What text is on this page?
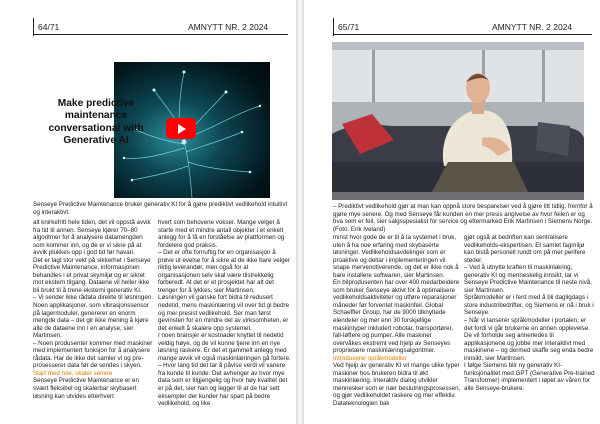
64/71	AMNYTT NR. 2 2024
Make predictive maintenance conversational with Generative AI
Senseye Predictive Maintenance bruker generativ KI for å gjøre prediktivt vedlikehold intuitivt og interaktivt.

alt knirkefritt hele tiden, det vil oppstå avvik fra tid til annen. Senseye kjører 70–80 algoritmer for å analysere datamengden som kommer inn, og de er vi sikre på at avvik plukkes opp i god tid før havari.

Det er lagt stor vekt på sikkerhet i Senseye Predictive Maintenance, informasjonen behandles i et privat skymiljø og er sikret mot ekstern tilgang. Dataene vil heller ikke bli brukt til å trene eksterni generativ KI.

– Vi sender ikke rådata direkte til løsningen. Noen applikasjoner, som vibrasjonssensor på lagermoduler, genererer en enorm mengde data – det gir ikke mening å kjøre alle de dataene inn i en analyse, sier Martinsen.

– Noen produsenter kommer med maskiner med implementert funksjon for å analysere rådata. Har de ikke det samler vi og pre-prosesserer data før de sendes i skyen.

Start med noe, skaler senere

Senseye Predictive Maintenance er en svært fleksibel og skalerbar skybasert løsning kan utvides etterhvert

hvert som behovene vokser. Mange velger å starte med et mindre antall objekter i et enkelt anlegg for å få en forståelse av plattformen og fordelere god praksis.

– Det er ofte fornuftig for en organisasjon å prøve ut evelse for å sikre at de ikke bare velger riktig leverandør, men også for at organisasjonen selv skal være tilstrekkelig forberedt. At det er et prosjektet har alt det trenger for å lykkes, sier Martinsen.

Løsningen vil ganske fort bidra til redusert nedetid, mens maskinlæring vil over tid gi bedre og mer presist vedlikehold. Ser man først gevinsten for en mindre del av virksomheten, er det enkelt å skalere opp systemet.

I noen bransjer er kostnader knyttet til nedetid veldig høye, og de vil kunne tjene inn en nye løsning raskere. Er det et gammelt anlegg med mange avvik vil også maskinlæringen gå fortere.

– Hvor lang tid det tar å påvise verdi vil variere fra kunde til kunde. Det avhenger av hvor mye data som er tilgjengelig og hvor høy kvalitet det er på det, sier han og legger til at de har sett eksempler der kunder har spart på bedre vedlikehold, og like

65/71	AMNYTT NR. 2 2024
– Prediktivt vedlikehold gjør at man kan oppnå store besparelser ved å gjøre litt tidlig, fremfor å gjøre mye senere. Og med Senseye får kunden en mer presis anglvelse av hvor feilen er og hva som er feil, sier salgsspesialist for service og ettermarked Erik Martinsen i Siemens Norge. (Foto: Erik Iveland)

minst hvor gode de er til å ta systemet i bruk, uten å ha noe erfaring med skybaserte løsninger. Vedlikeholdsavdelinger som er proaktive og deltar i implementeringen vil snape mervenotiverende, og det er ikke nok å bare installere softwaren, sier Martinsen.

En bilprodusenten har over 400 medarbeidere som bruker Senseye aktivt for å optimalisere vedlikeholdsaktiviteter og utføre reparasjoner måneder før forventet maskinfeil. Global Schaeffler Group, har de 9000 tilknyttede eiendeler og mer enn 30 forskjellige maskintyper inkludert robotar, transportører, fall-løftere og pumper. Alle maskiner overvåkes ekstremt ved hjelp av Senseyes proprietære maskinlæringsalgoritmer.

Introduserer språkmodeller

Ved hjelp av generativ KI vil mange ulike typer maskiner hos brukeren bidra til økt maskinlæring. Interaktiv dialog utvikler mennesker som er nær beslutningsprosessen, og gjør vedlikeholdet raskere og mer effektiv. Datateknologien bak

gjør også at bedriften kan sentralisere vedlikeholds-ekspertisen. Et samlet fagmiljø kan bistå personell rundt om på mer perifere steder.

– Ved å utnytte kraften til maskinlæring, generativ KI og menneskelig innsikt, tar vi Senseye Predictive Maintenance til neste nivå, sier Martinsen.

Språkmodeller er i ferd med å bli dagligdags i store industribedrifter, og Siemens er nå i bruk i Senseye.

– Når vi lanserer språkmodeller i portalen, er det fordi vi går brukerne en annen opplevelse. De vil forholde seg annerledes til applikasjonene og jobbe mer interaktivt med maskinene – og dermed skaffe seg enda bedre innsikt, sier Martinsen.

I følge Siemens blir ny generativ KI-funksjonalitet med GPT (Generative Pre-trained Transformer) implementert i løpet av våren for alle Senseye-brukere.
